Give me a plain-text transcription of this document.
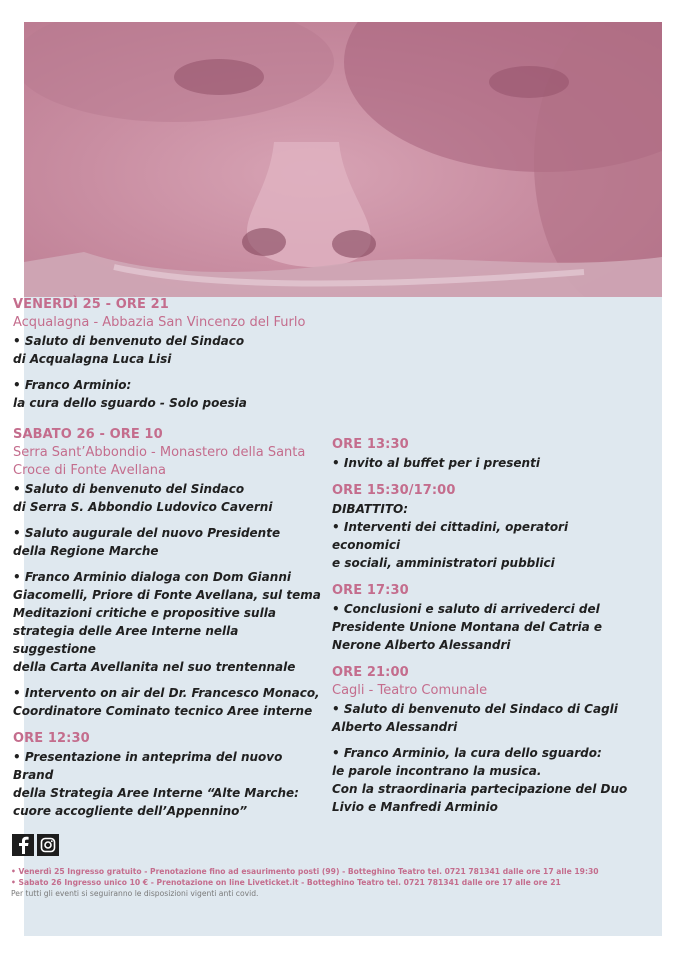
VENERDÌ 25 - ORE 21
Acqualagna - Abbazia San Vincenzo del Furlo
• Saluto di benvenuto del Sindaco
di Acqualagna Luca Lisi
• Franco Arminio:
la cura dello sguardo - Solo poesia
SABATO 26 - ORE 10
Serra Sant’Abbondio - Monastero della Santa
Croce di Fonte Avellana
• Saluto di benvenuto del Sindaco
di Serra S. Abbondio Ludovico Caverni
• Saluto augurale del nuovo Presidente
della Regione Marche
• Franco Arminio dialoga con Dom Gianni
Giacomelli, Priore di Fonte Avellana, sul tema
Meditazioni critiche e propositive sulla
strategia delle Aree Interne nella suggestione
della Carta Avellanita nel suo trentennale
• Intervento on air del Dr. Francesco Monaco,
Coordinatore Cominato tecnico Aree interne
ORE 12:30
• Presentazione in anteprima del nuovo Brand
della Strategia Aree Interne “Alte Marche:
cuore accogliente dell’Appennino”
ORE 13:30
• Invito al buffet per i presenti
ORE 15:30/17:00
DIBATTITO:
• Interventi dei cittadini, operatori economici
e sociali, amministratori pubblici
ORE 17:30
• Conclusioni e saluto di arrivederci del
Presidente Unione Montana del Catria e
Nerone Alberto Alessandri
ORE 21:00
Cagli - Teatro Comunale
• Saluto di benvenuto del Sindaco di Cagli
Alberto Alessandri
• Franco Arminio, la cura dello sguardo:
le parole incontrano la musica.
Con la straordinaria partecipazione del Duo
Livio e Manfredi Arminio
• Venerdì 25 Ingresso gratuito - Prenotazione fino ad esaurimento posti (99) - Botteghino Teatro tel. 0721 781341 dalle ore 17 alle 19:30
• Sabato 26 Ingresso unico 10 € - Prenotazione on line Liveticket.it - Botteghino Teatro tel. 0721 781341 dalle ore 17 alle ore 21
Per tutti gli eventi si seguiranno le disposizioni vigenti anti covid.
